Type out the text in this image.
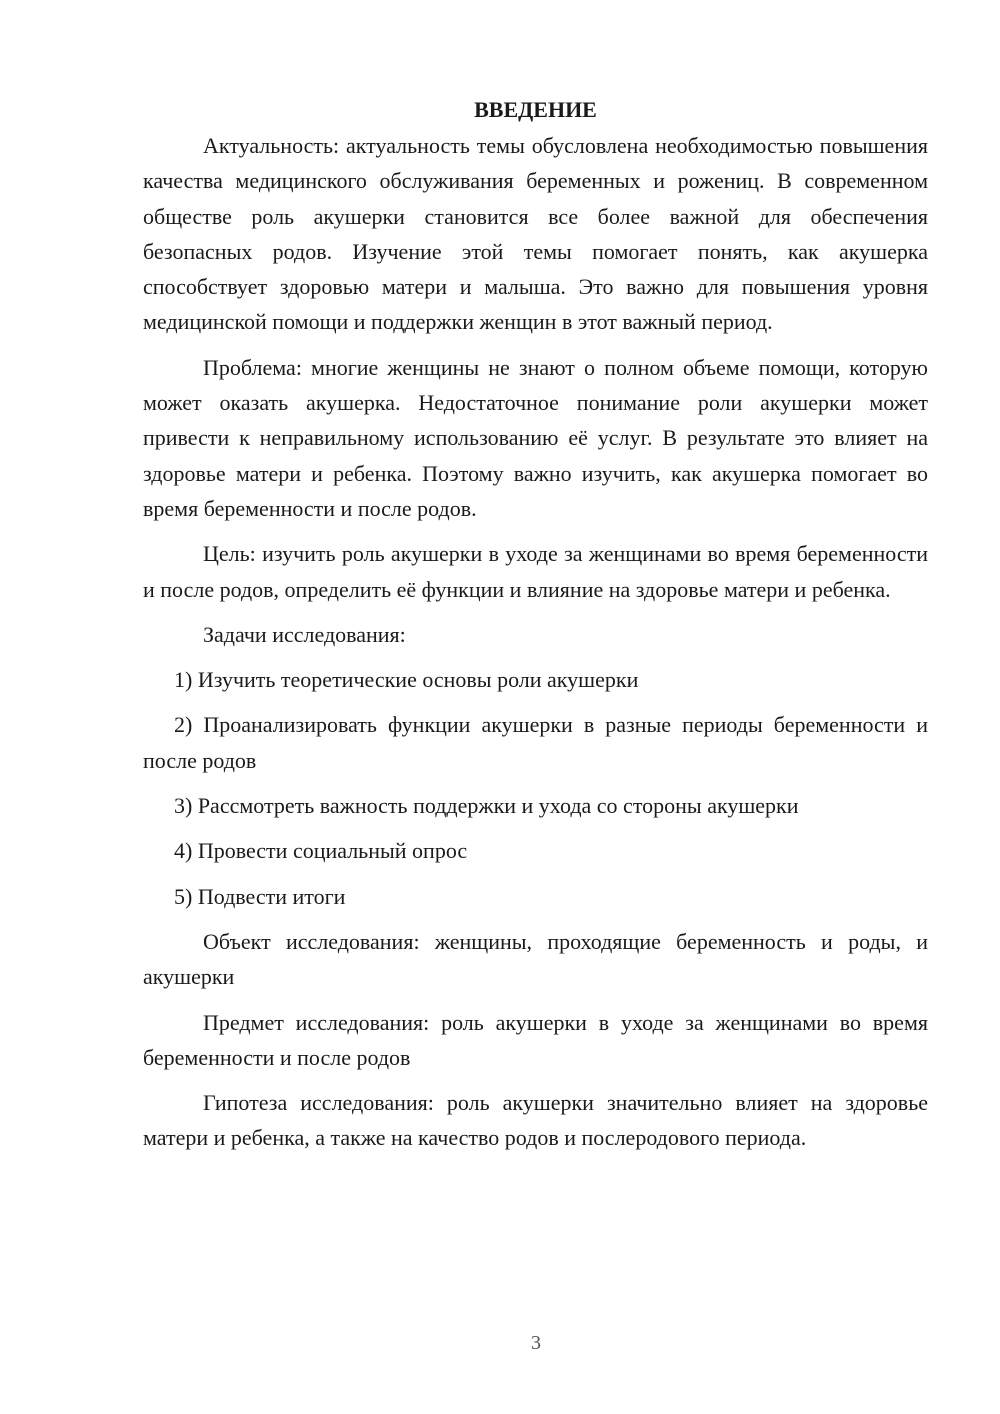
ВВЕДЕНИЕ

Актуальность: актуальность темы обусловлена необходимостью повышения качества медицинского обслуживания беременных и рожениц. В современном обществе роль акушерки становится все более важной для обеспечения безопасных родов. Изучение этой темы помогает понять, как акушерка способствует здоровью матери и малыша. Это важно для повышения уровня медицинской помощи и поддержки женщин в этот важный период.

Проблема: многие женщины не знают о полном объеме помощи, которую может оказать акушерка. Недостаточное понимание роли акушерки может привести к неправильному использованию её услуг. В результате это влияет на здоровье матери и ребенка. Поэтому важно изучить, как акушерка помогает во время беременности и после родов.

Цель: изучить роль акушерки в уходе за женщинами во время беременности и после родов, определить её функции и влияние на здоровье матери и ребенка.

Задачи исследования:

1) Изучить теоретические основы роли акушерки

2) Проанализировать функции акушерки в разные периоды беременности и после родов

3) Рассмотреть важность поддержки и ухода со стороны акушерки

4) Провести социальный опрос

5) Подвести итоги

Объект исследования: женщины, проходящие беременность и роды, и акушерки

Предмет исследования: роль акушерки в уходе за женщинами во время беременности и после родов

Гипотеза исследования: роль акушерки значительно влияет на здоровье матери и ребенка, а также на качество родов и послеродового периода.

3
